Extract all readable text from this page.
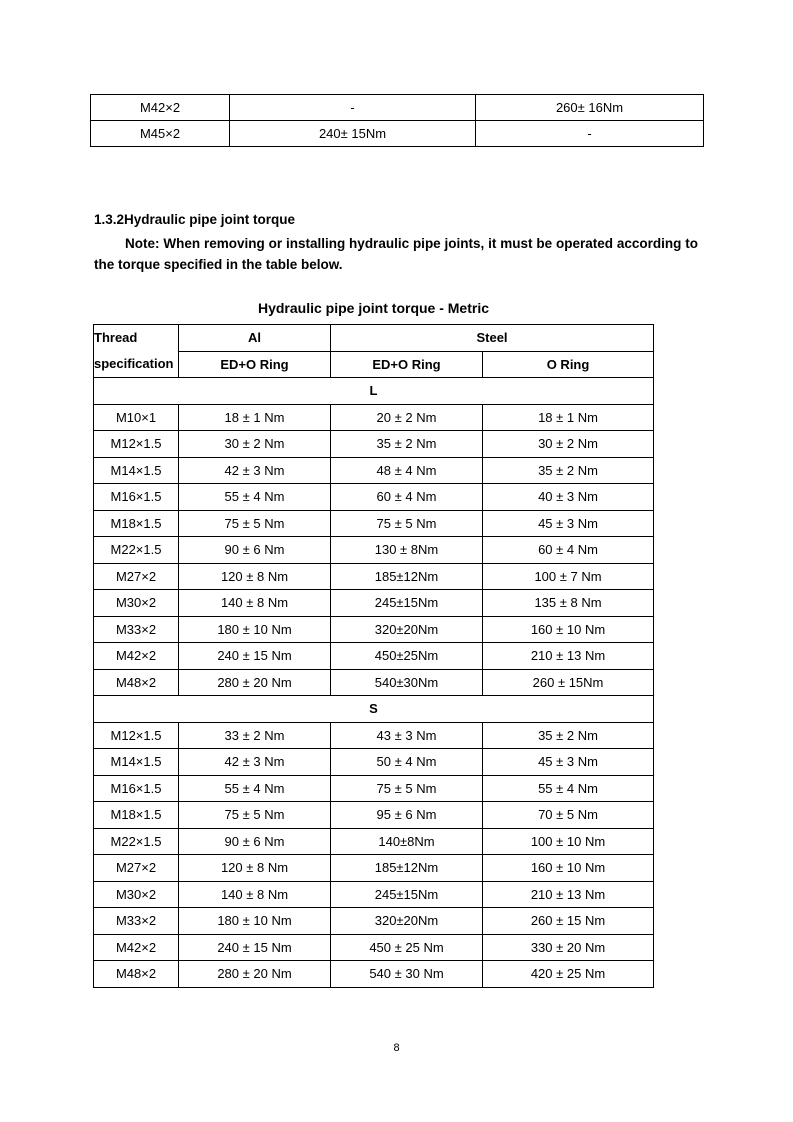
M42×2	-	260± 16Nm
M45×2	240± 15Nm	-
1.3.2Hydraulic pipe joint torque
Note: When removing or installing hydraulic pipe joints, it must be operated according to the torque specified in the table below.
Hydraulic pipe joint torque - Metric
Thread
specification	Al	Steel	
	ED+O Ring	ED+O Ring	O Ring
L			
M10×1	18 ± 1 Nm	20 ± 2 Nm	18 ± 1 Nm
M12×1.5	30 ± 2 Nm	35 ± 2 Nm	30 ± 2 Nm
M14×1.5	42 ± 3 Nm	48 ± 4 Nm	35 ± 2 Nm
M16×1.5	55 ± 4 Nm	60 ± 4 Nm	40 ± 3 Nm
M18×1.5	75 ± 5 Nm	75 ± 5 Nm	45 ± 3 Nm
M22×1.5	90 ± 6 Nm	130 ± 8Nm	60 ± 4 Nm
M27×2	120 ± 8 Nm	185±12Nm	100 ± 7 Nm
M30×2	140 ± 8 Nm	245±15Nm	135 ± 8 Nm
M33×2	180 ± 10 Nm	320±20Nm	160 ± 10 Nm
M42×2	240 ± 15 Nm	450±25Nm	210 ± 13 Nm
M48×2	280 ± 20 Nm	540±30Nm	260 ± 15Nm
S			
M12×1.5	33 ± 2 Nm	43 ± 3 Nm	35 ± 2 Nm
M14×1.5	42 ± 3 Nm	50 ± 4 Nm	45 ± 3 Nm
M16×1.5	55 ± 4 Nm	75 ± 5 Nm	55 ± 4 Nm
M18×1.5	75 ± 5 Nm	95 ± 6 Nm	70 ± 5 Nm
M22×1.5	90 ± 6 Nm	140±8Nm	100 ± 10 Nm
M27×2	120 ± 8 Nm	185±12Nm	160 ± 10 Nm
M30×2	140 ± 8 Nm	245±15Nm	210 ± 13 Nm
M33×2	180 ± 10 Nm	320±20Nm	260 ± 15 Nm
M42×2	240 ± 15 Nm	450 ± 25 Nm	330 ± 20 Nm
M48×2	280 ± 20 Nm	540 ± 30 Nm	420 ± 25 Nm
8
